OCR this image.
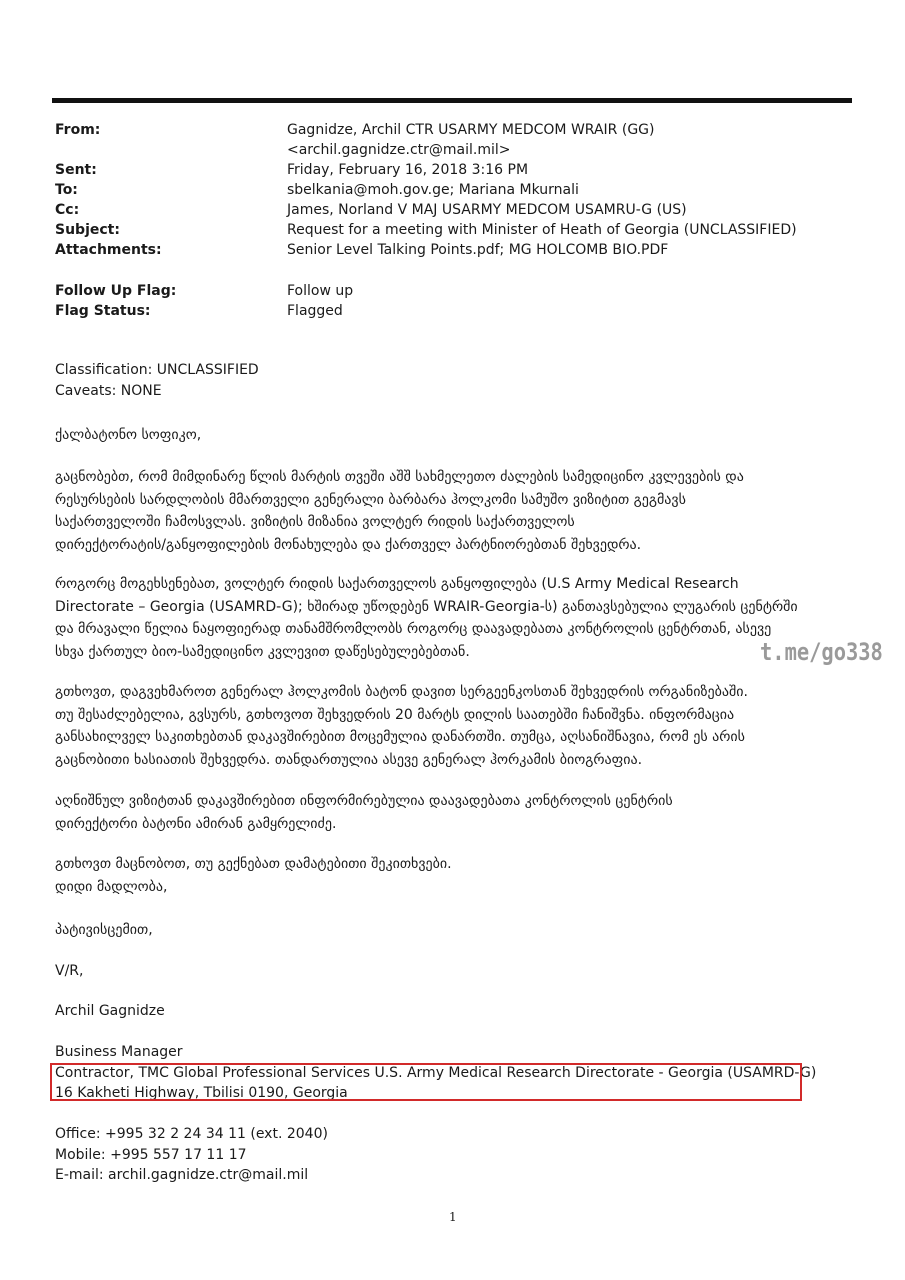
From:	Gagnidze, Archil CTR USARMY MEDCOM WRAIR (GG)
<archil.gagnidze.ctr@mail.mil>
Sent:	Friday, February 16, 2018 3:16 PM
To:	sbelkania@moh.gov.ge; Mariana Mkurnali
Cc:	James, Norland V MAJ USARMY MEDCOM USAMRU-G (US)
Subject:	Request for a meeting with Minister of Heath of Georgia (UNCLASSIFIED)
Attachments:	Senior Level Talking Points.pdf; MG HOLCOMB BIO.PDF
Follow Up Flag:	Follow up
Flag Status:	Flagged
Classification: UNCLASSIFIED
Caveats: NONE
ქალბატონო სოფიკო,
გაცნობებთ, რომ მიმდინარე წლის მარტის თვეში აშშ სახმელეთო ძალების სამედიცინო კვლევების და
რესურსების სარდლობის მმართველი გენერალი ბარბარა ჰოლკომი სამუშო ვიზიტით გეგმავს
საქართველოში ჩამოსვლას. ვიზიტის მიზანია ვოლტერ რიდის საქართველოს
დირექტორატის/განყოფილების მონახულება და ქართველ პარტნიორებთან შეხვედრა.
როგორც მოგეხსენებათ, ვოლტერ რიდის საქართველოს განყოფილება (U.S Army Medical Research
Directorate – Georgia (USAMRD-G); ხშირად უწოდებენ WRAIR-Georgia-ს) განთავსებულია ლუგარის ცენტრში
და მრავალი წელია ნაყოფიერად თანამშრომლობს როგორც დაავადებათა კონტროლის ცენტრთან, ასევე
სხვა ქართულ ბიო-სამედიცინო კვლევით დაწესებულებებთან.
გთხოვთ, დაგვეხმაროთ გენერალ ჰოლკომის ბატონ დავით სერგეენკოსთან შეხვედრის ორგანიზებაში.
თუ შესაძლებელია, გვსურს, გთხოვოთ შეხვედრის 20 მარტს დილის საათებში ჩანიშვნა. ინფორმაცია
განსახილველ საკითხებთან დაკავშირებით მოცემულია დანართში. თუმცა, აღსანიშნავია, რომ ეს არის
გაცნობითი ხასიათის შეხვედრა. თანდართულია ასევე გენერალ ჰორკამის ბიოგრაფია.
აღნიშნულ ვიზიტთან დაკავშირებით ინფორმირებულია დაავადებათა კონტროლის ცენტრის
დირექტორი ბატონი ამირან გამყრელიძე.
გთხოვთ მაცნობოთ, თუ გექნებათ დამატებითი შეკითხვები.
დიდი მადლობა,
პატივისცემით,
V/R,
Archil Gagnidze
Business Manager
Contractor, TMC Global Professional Services U.S. Army Medical Research Directorate - Georgia (USAMRD-G)
16 Kakheti Highway, Tbilisi 0190, Georgia
Office: +995 32 2 24 34 11 (ext. 2040)
Mobile: +995 557 17 11 17
E-mail: archil.gagnidze.ctr@mail.mil
t.me/go338
1
